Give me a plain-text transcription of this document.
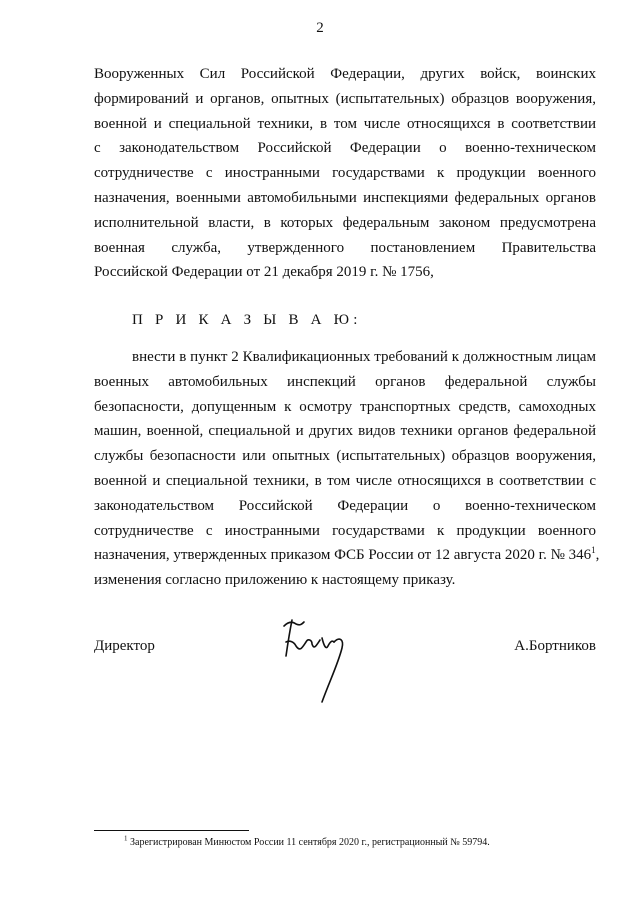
2
Вооруженных Сил Российской Федерации, других войск, воинских
формирований и органов, опытных (испытательных) образцов вооружения,
военной и специальной техники, в том числе относящихся в соответствии
с законодательством Российской Федерации о военно-техническом
сотрудничестве с иностранными государствами к продукции военного
назначения, военными автомобильными инспекциями федеральных органов
исполнительной власти, в которых федеральным законом предусмотрена
военная служба, утвержденного постановлением Правительства
Российской Федерации от 21 декабря 2019 г. № 1756,
П Р И К А З Ы В А Ю:
внести в пункт 2 Квалификационных требований к должностным лицам
военных автомобильных инспекций органов федеральной службы
безопасности, допущенным к осмотру транспортных средств, самоходных
машин, военной, специальной и других видов техники органов федеральной
службы безопасности или опытных (испытательных) образцов вооружения,
военной и специальной техники, в том числе относящихся в соответствии с
законодательством Российской Федерации о военно-техническом
сотрудничестве с иностранными государствами к продукции военного
назначения, утвержденных приказом ФСБ России от 12 августа 2020 г. № $346^1$,
изменения согласно приложению к настоящему приказу.
Директор	А.Бортников
$^1$ Зарегистрирован Минюстом России 11 сентября 2020 г., регистрационный № 59794.
